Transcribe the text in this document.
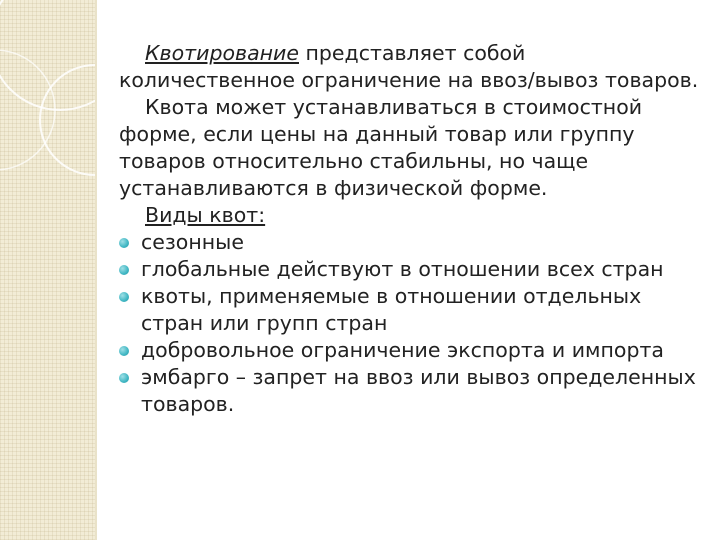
Квотирование представляет собой количественное ограничение на ввоз/вывоз товаров.

Квота может устанавливаться в стоимостной форме, если цены на данный товар или группу товаров относительно стабильны, но чаще устанавливаются в физической форме.

Виды квот:

сезонные
глобальные действуют в отношении всех стран
квоты, применяемые в отношении отдельных стран или групп стран
добровольное ограничение экспорта и импорта
эмбарго – запрет на ввоз или вывоз определенных товаров.
